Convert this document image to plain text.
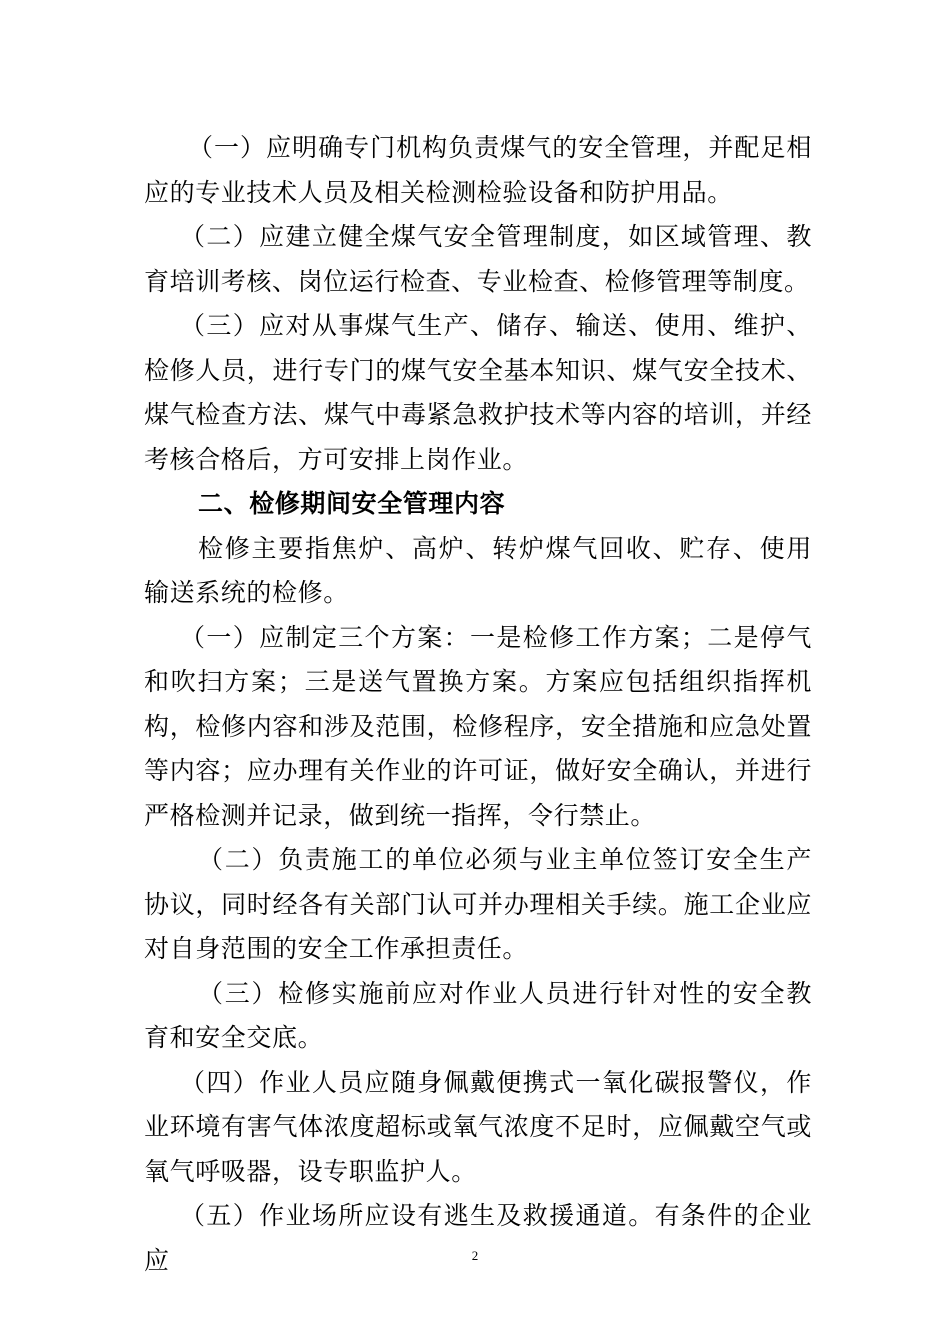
（一）应明确专门机构负责煤气的安全管理，并配足相应的专业技术人员及相关检测检验设备和防护用品。

（二）应建立健全煤气安全管理制度，如区域管理、教育培训考核、岗位运行检查、专业检查、检修管理等制度。

（三）应对从事煤气生产、储存、输送、使用、维护、检修人员，进行专门的煤气安全基本知识、煤气安全技术、煤气检查方法、煤气中毒紧急救护技术等内容的培训，并经考核合格后，方可安排上岗作业。

二、检修期间安全管理内容

检修主要指焦炉、高炉、转炉煤气回收、贮存、使用输送系统的检修。

（一）应制定三个方案：一是检修工作方案；二是停气和吹扫方案；三是送气置换方案。方案应包括组织指挥机构，检修内容和涉及范围，检修程序，安全措施和应急处置等内容；应办理有关作业的许可证，做好安全确认，并进行严格检测并记录，做到统一指挥，令行禁止。

（二）负责施工的单位必须与业主单位签订安全生产协议，同时经各有关部门认可并办理相关手续。施工企业应对自身范围的安全工作承担责任。

（三）检修实施前应对作业人员进行针对性的安全教育和安全交底。

（四）作业人员应随身佩戴便携式一氧化碳报警仪，作业环境有害气体浓度超标或氧气浓度不足时，应佩戴空气或氧气呼吸器，设专职监护人。

（五）作业场所应设有逃生及救援通道。有条件的企业应	2
